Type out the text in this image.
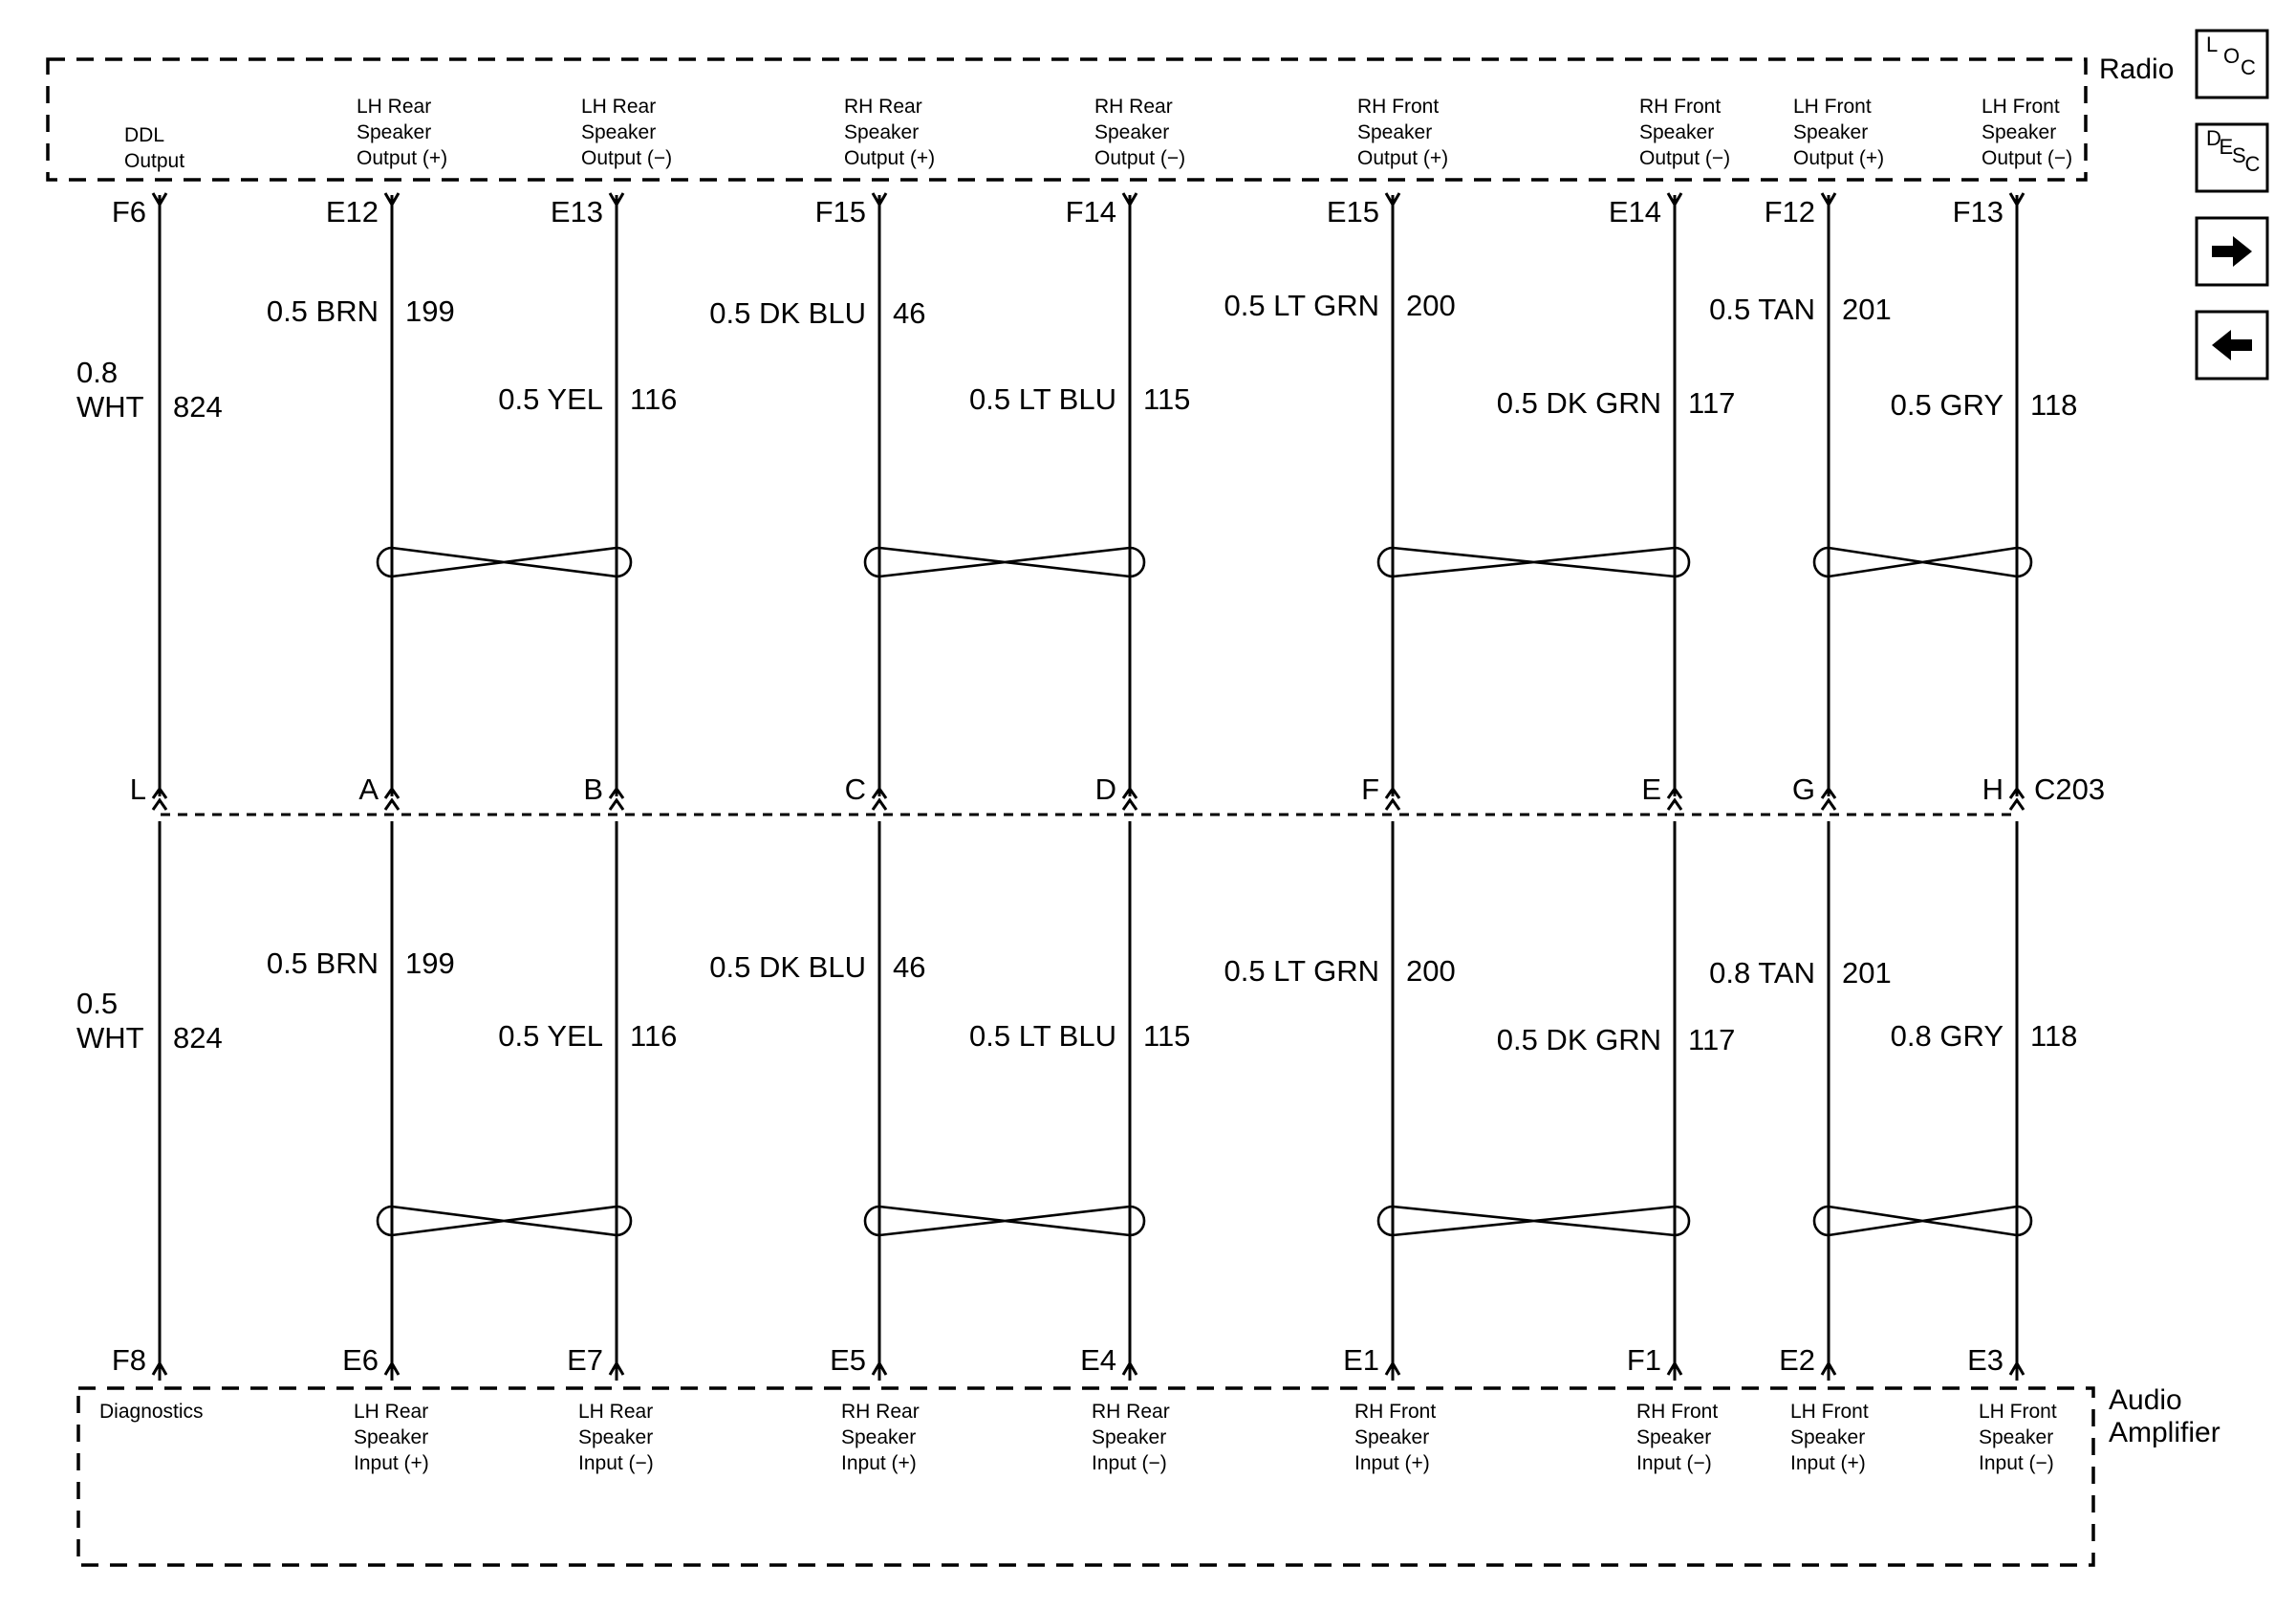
Radio
Audio Amplifier
C203
F6
L
F8
E12
A
E6
E13
B
E7
F15
C
E5
F14
D
E4
E15
F
E1
E14
E
F1
F12
G
E2
F13
H
E3
DDL
Output
Diagnostics
LH Rear
Speaker
Output (+)
LH Rear
Speaker
Input (+)
LH Rear
Speaker
Output (−)
LH Rear
Speaker
Input (−)
RH Rear
Speaker
Output (+)
RH Rear
Speaker
Input (+)
RH Rear
Speaker
Output (−)
RH Rear
Speaker
Input (−)
RH Front
Speaker
Output (+)
RH Front
Speaker
Input (+)
RH Front
Speaker
Output (−)
RH Front
Speaker
Input (−)
LH Front
Speaker
Output (+)
LH Front
Speaker
Input (+)
LH Front
Speaker
Output (−)
LH Front
Speaker
Input (−)
0.8
WHT 824
0.5
WHT 824
0.5 BRN 199
0.5 BRN 199
0.5 YEL 116
0.5 YEL 116
0.5 DK BLU 46
0.5 DK BLU 46
0.5 LT BLU 115
0.5 LT BLU 115
0.5 LT GRN 200
0.5 LT GRN 200
0.5 DK GRN 117
0.5 DK GRN 117
0.5 TAN 201
0.8 TAN 201
0.5 GRY 118
0.8 GRY 118
L O C
D
E
S
C
